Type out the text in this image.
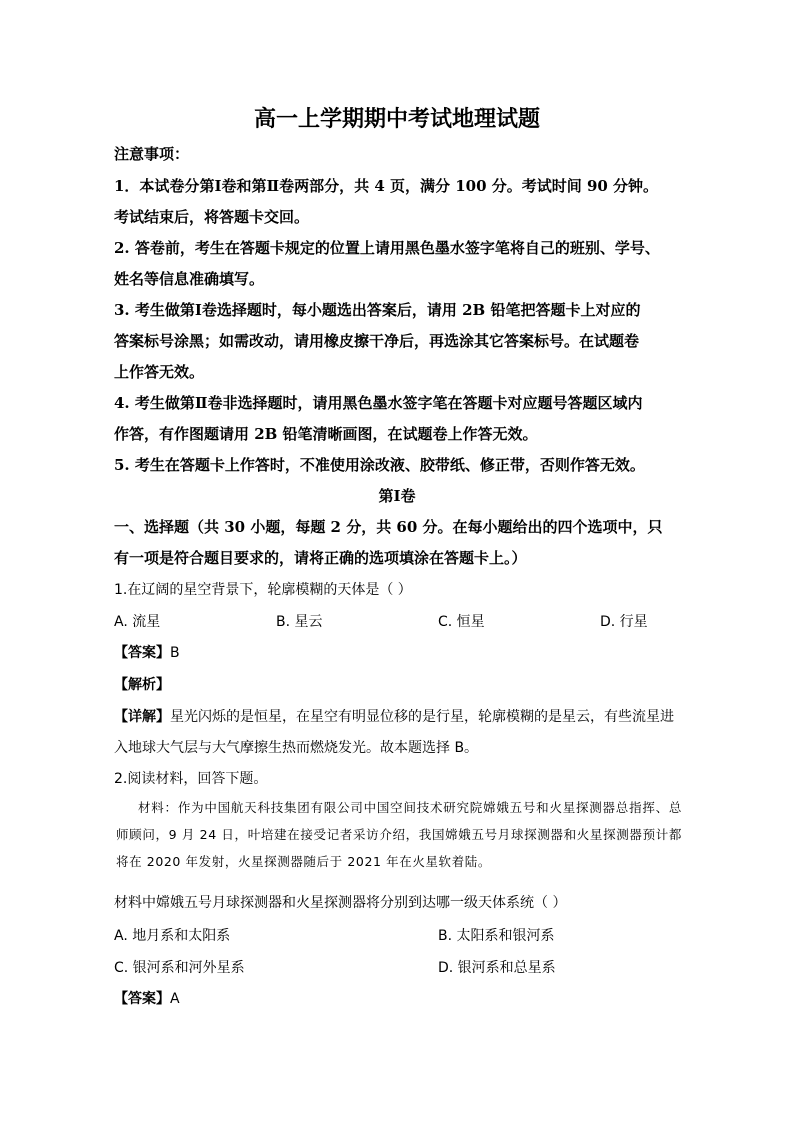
高一上学期期中考试地理试题
注意事项：
1．本试卷分第Ⅰ卷和第Ⅱ卷两部分，共 4 页，满分 100 分。考试时间 90 分钟。
考试结束后，将答题卡交回。
2. 答卷前，考生在答题卡规定的位置上请用黑色墨水签字笔将自己的班别、学号、
姓名等信息准确填写。
3. 考生做第Ⅰ卷选择题时，每小题选出答案后，请用 2B 铅笔把答题卡上对应的
答案标号涂黑；如需改动，请用橡皮擦干净后，再选涂其它答案标号。在试题卷
上作答无效。
4. 考生做第Ⅱ卷非选择题时，请用黑色墨水签字笔在答题卡对应题号答题区域内
作答，有作图题请用 2B 铅笔清晰画图，在试题卷上作答无效。
5. 考生在答题卡上作答时，不准使用涂改液、胶带纸、修正带，否则作答无效。
第Ⅰ卷
一、选择题（共 30 小题，每题 2 分，共 60 分。在每小题给出的四个选项中，只
有一项是符合题目要求的，请将正确的选项填涂在答题卡上。）
1.在辽阔的星空背景下，轮廓模糊的天体是（ ）
A. 流星	B. 星云	C. 恒星	D. 行星
【答案】B
【解析】
【详解】星光闪烁的是恒星，在星空有明显位移的是行星，轮廓模糊的是星云，有些流星进
入地球大气层与大气摩擦生热而燃烧发光。故本题选择 B。
2.阅读材料，回答下题。
材料：作为中国航天科技集团有限公司中国空间技术研究院嫦娥五号和火星探测器总指挥、总师顾问，9 月 24 日，叶培建在接受记者采访介绍，我国嫦娥五号月球探测器和火星探测器预计都将在 2020 年发射，火星探测器随后于 2021 年在火星软着陆。
材料中嫦娥五号月球探测器和火星探测器将分别到达哪一级天体系统（ ）
A. 地月系和太阳系	B. 太阳系和银河系
C. 银河系和河外星系	D. 银河系和总星系
【答案】A
